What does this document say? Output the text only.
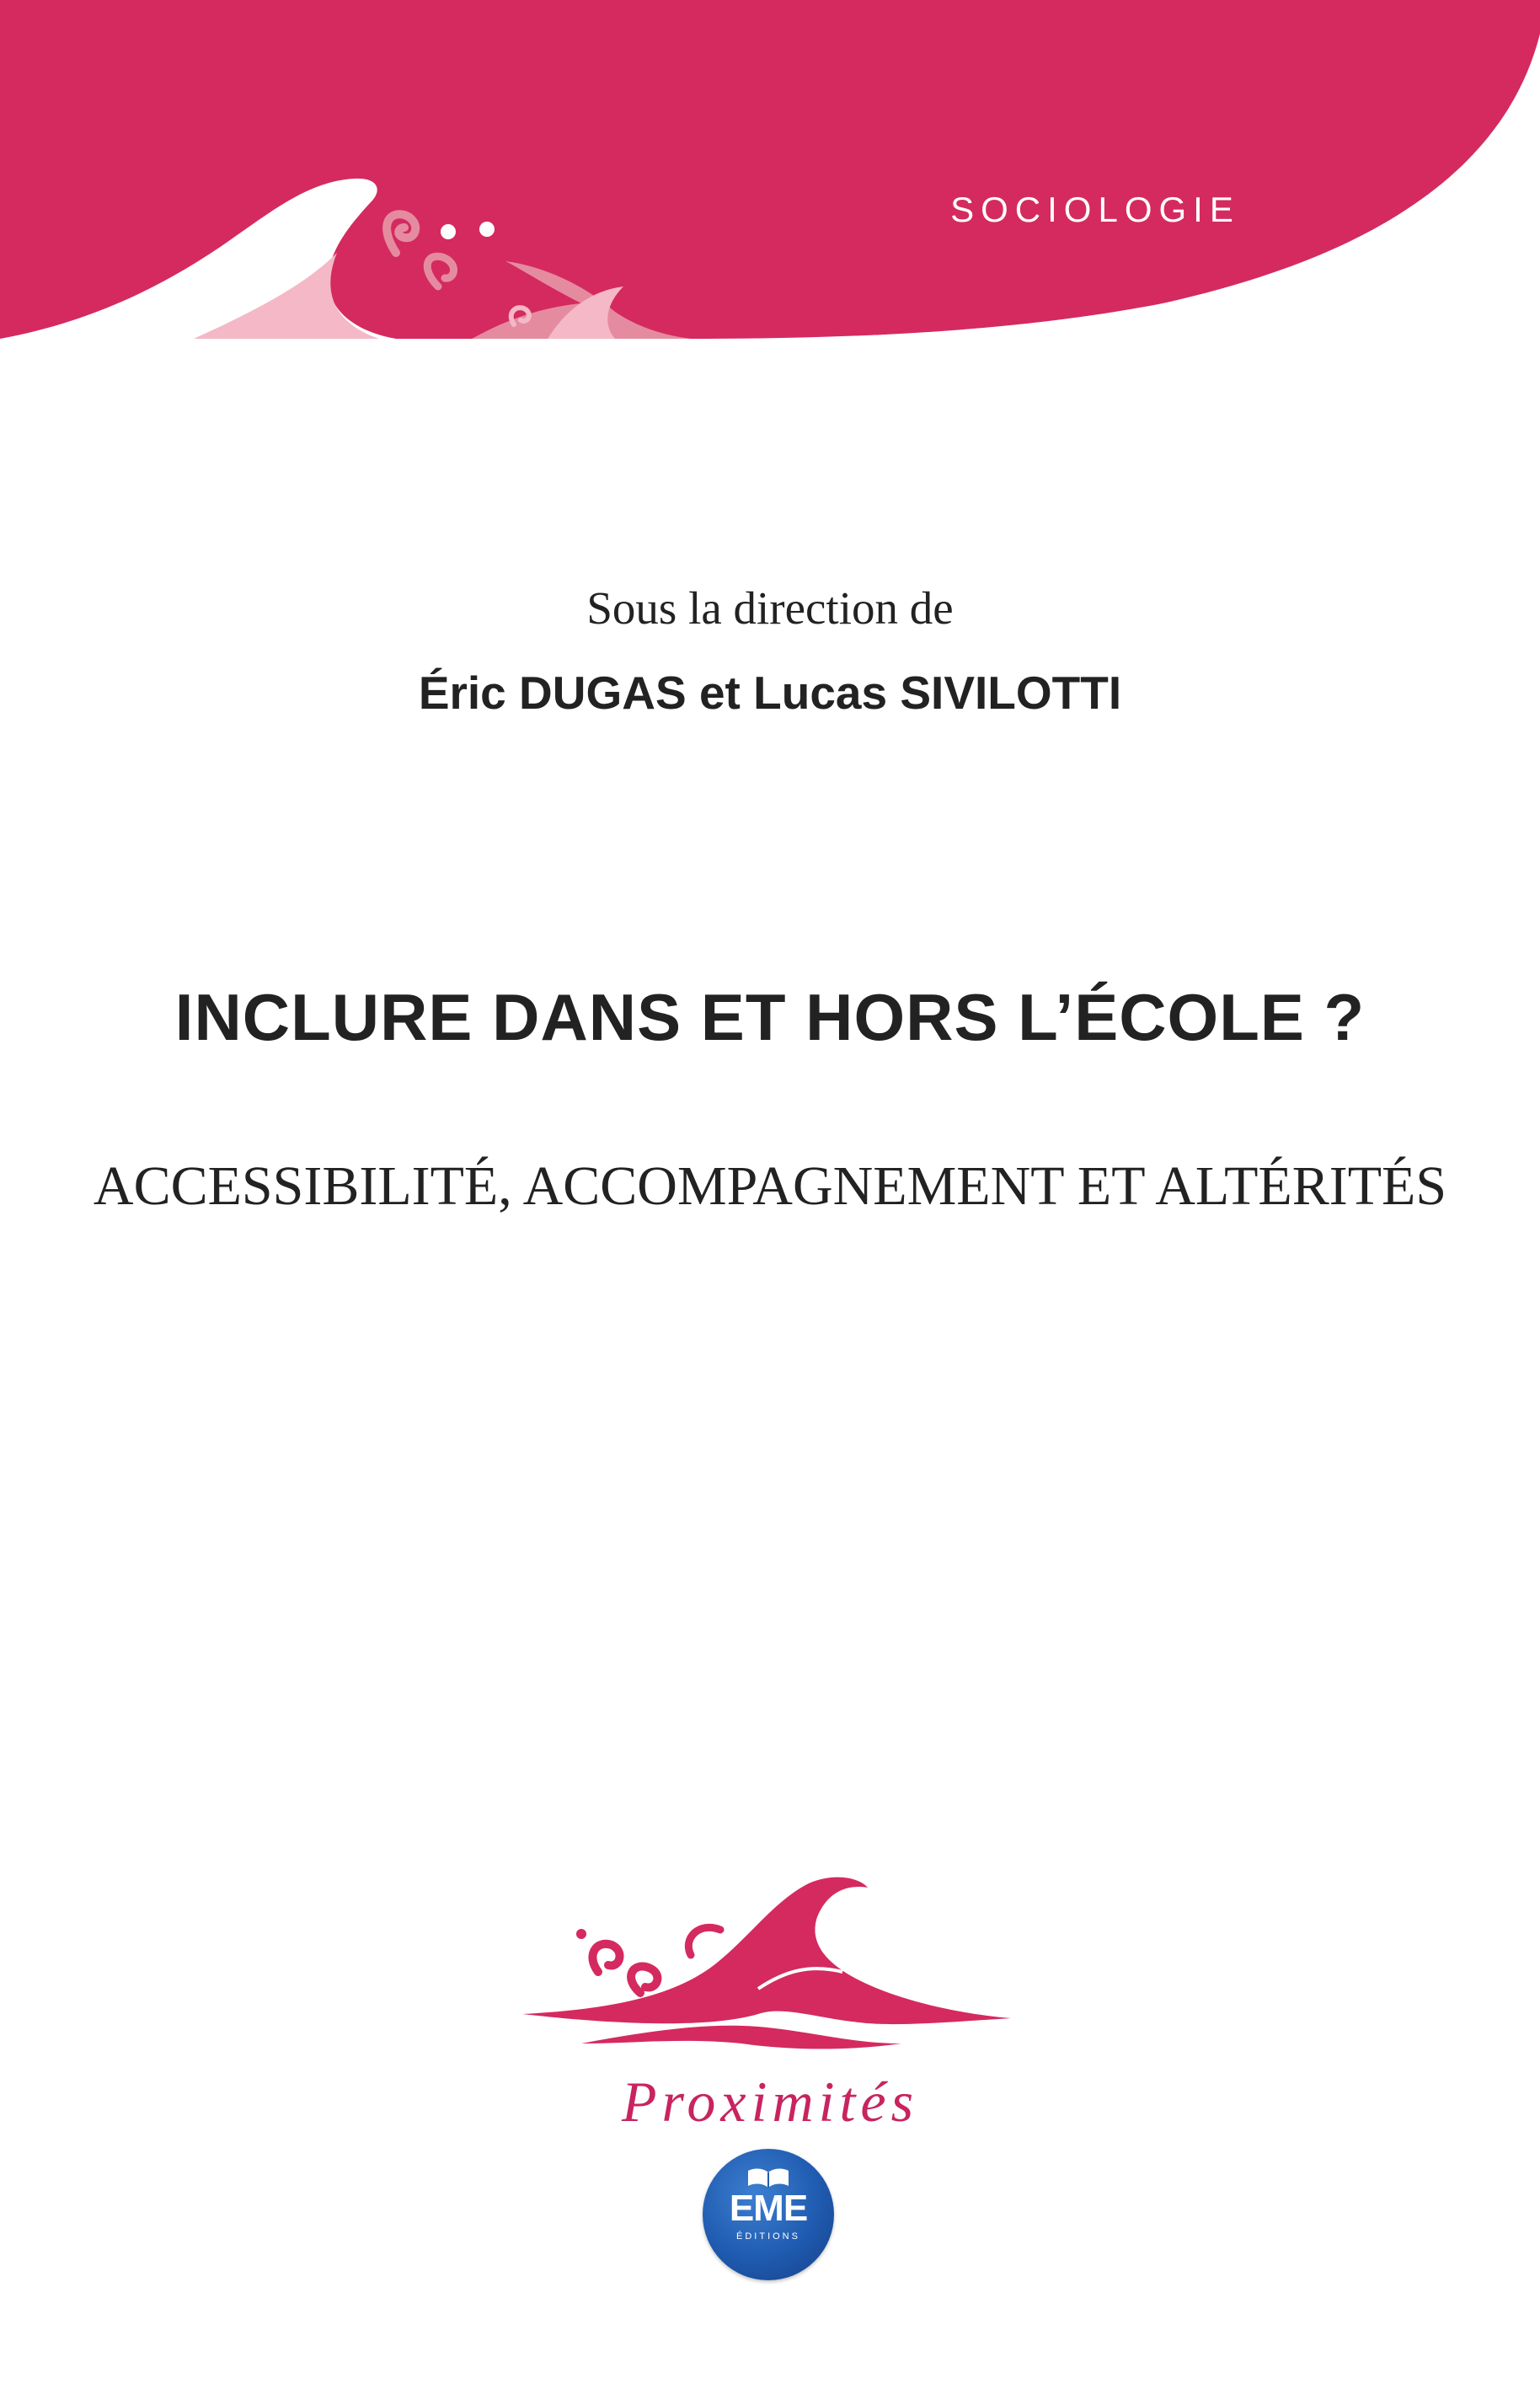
SOCIOLOGIE
Sous la direction de
Éric DUGAS et Lucas SIVILOTTI
INCLURE DANS ET HORS L’ÉCOLE ?
ACCESSIBILITÉ, ACCOMPAGNEMENT ET ALTÉRITÉS
Proximités
EME
ÉDITIONS
